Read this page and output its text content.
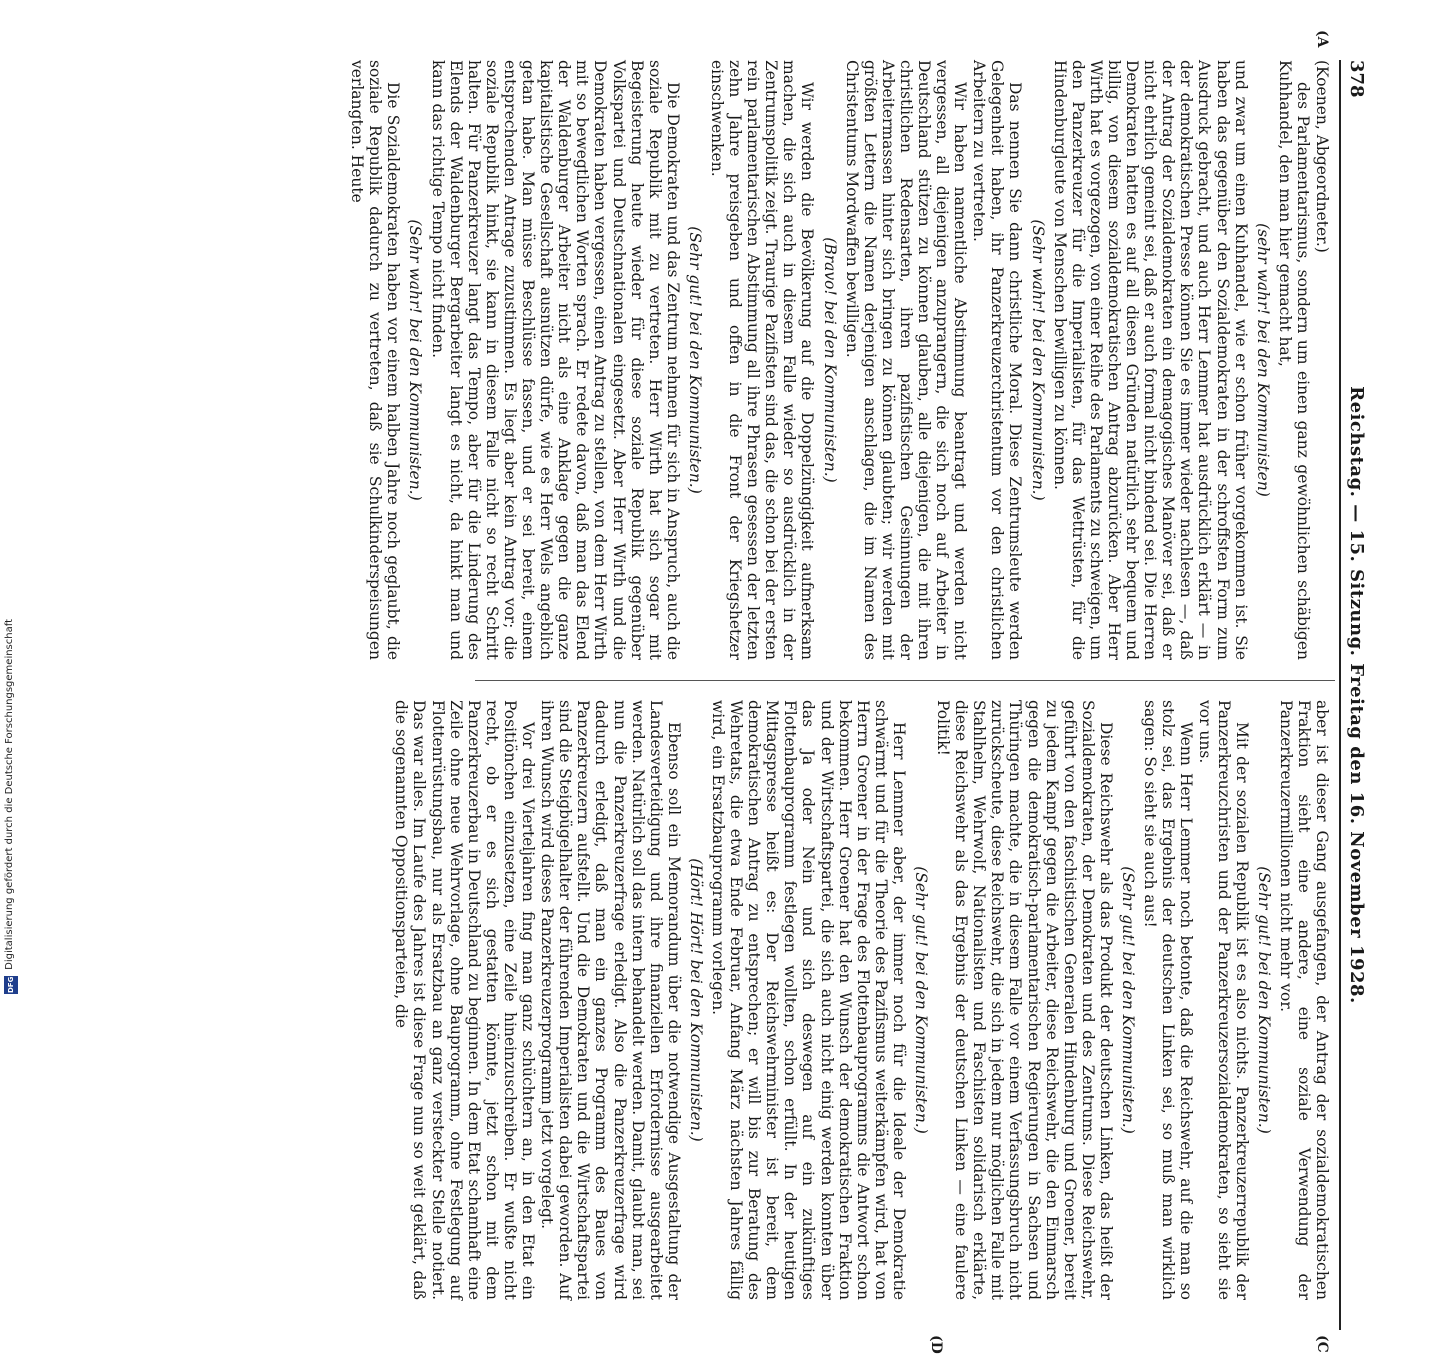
Digitalisierung gefördert durch die Deutsche Forschungsgemeinschaft
DFG
378
Reichstag. — 15. Sitzung. Freitag den 16. November 1928.
(A
(C
(D
(Koenen, Abgeordneter.)
des Parlamentarismus, sondern um einen ganz gewöhnlichen schäbigen Kuhhandel, den man hier gemacht hat,
(sehr wahr! bei den Kommunisten)
und zwar um einen Kuhhandel, wie er schon früher vorgekommen ist. Sie haben das gegenüber den Sozialdemokraten in der schroffsten Form zum Ausdruck gebracht, und auch Herr Lemmer hat ausdrücklich erklärt — in der demokratischen Presse können Sie es immer wieder nachlesen —, daß der Antrag der Sozialdemokraten ein demagogisches Manöver sei, daß er nicht ehrlich gemeint sei, daß er auch formal nicht bindend sei. Die Herren Demokraten hatten es auf all diesen Gründen natürlich sehr bequem und billig, von diesem sozialdemokratischen Antrag abzurücken. Aber Herr Wirth hat es vorgezogen, von einer Reihe des Parlaments zu schweigen, um den Panzerkreuzer für die Imperialisten, für das Wettrüsten, für die Hindenburgleute von Menschen bewilligen zu können.
(Sehr wahr! bei den Kommunisten.)
Das nennen Sie dann christliche Moral. Diese Zentrumsleute werden Gelegenheit haben, ihr Panzerkreuzerchristentum vor den christlichen Arbeitern zu vertreten.
Wir haben namentliche Abstimmung beantragt und werden nicht vergessen, all diejenigen anzuprangern, die sich noch auf Arbeiter in Deutschland stützen zu können glauben, alle diejenigen, die mit ihren christlichen Redensarten, ihren pazifistischen Gesinnungen der Arbeitermassen hinter sich bringen zu können glaubten; wir werden mit größten Lettern die Namen derjenigen anschlagen, die im Namen des Christentums Mordwaffen bewilligen.
(Bravo! bei den Kommunisten.)
Wir werden die Bevölkerung auf die Doppelzüngigkeit aufmerksam machen, die sich auch in diesem Falle wieder so ausdrücklich in der Zentrumspolitik zeigt. Traurige Pazifisten sind das, die schon bei der ersten rein parlamentarischen Abstimmung all ihre Phrasen gesessen der letzten zehn Jahre preisgeben und offen in die Front der Kriegshetzer einschwenken.
(Sehr gut! bei den Kommunisten.)
Die Demokraten und das Zentrum nehmen für sich in Anspruch, auch die soziale Republik mit zu vertreten. Herr Wirth hat sich sogar mit Begeisterung heute wieder für diese soziale Republik gegenüber Volkspartei und Deutschnationalen eingesetzt. Aber Herr Wirth und die Demokraten haben vergessen, einen Antrag zu stellen, von dem Herr Wirth mit so bewegtlichen Worten sprach. Er redete davon, daß man das Elend der Waldenburger Arbeiter nicht als eine Anklage gegen die ganze kapitalistische Gesellschaft ausnützen dürfe, wie es Herr Wels angeblich getan habe. Man müsse Beschlüsse fassen, und er sei bereit, einem entsprechenden Antrage zuzustimmen. Es liegt aber kein Antrag vor; die soziale Republik hinkt, sie kann in diesem Falle nicht so recht Schritt halten. Für Panzerkreuzer langt das Tempo, aber für die Linderung des Elends der Waldenburger Bergarbeiter langt es nicht, da hinkt man und kann das richtige Tempo nicht finden.
(Sehr wahr! bei den Kommunisten.)
Die Sozialdemokraten haben vor einem halben Jahre noch geglaubt, die soziale Republik dadurch zu vertreten, daß sie Schulkinderspeisungen verlangten. Heute
aber ist dieser Gang ausgefangen, der Antrag der sozialdemokratischen Fraktion sieht eine andere, eine soziale Verwendung der Panzerkreuzermillionen nicht mehr vor.
(Sehr gut! bei den Kommunisten.)
Mit der sozialen Republik ist es also nichts. Panzerkreuzerrepublik der Panzerkreuzchristen und der Panzerkreuzersozialdemokraten, so sieht sie vor uns.
Wenn Herr Lemmer noch betonte, daß die Reichswehr, auf die man so stolz sei, das Ergebnis der deutschen Linken sei, so muß man wirklich sagen: So sieht sie auch aus!
(Sehr gut! bei den Kommunisten.)
Diese Reichswehr als das Produkt der deutschen Linken, das heißt der Sozialdemokraten, der Demokraten und des Zentrums. Diese Reichswehr, geführt von den faschistischen Generalen Hindenburg und Groener, bereit zu jedem Kampf gegen die Arbeiter, diese Reichswehr, die den Einmarsch gegen die demokratisch-parlamentarischen Regierungen in Sachsen und Thüringen machte, die in diesem Falle vor einem Verfassungsbruch nicht zurückscheute, diese Reichswehr, die sich in jedem nur möglichen Falle mit Stahlhelm, Wehrwolf, Nationalisten und Faschisten solidarisch erklärte, diese Reichswehr als das Ergebnis der deutschen Linken — eine faulere Politik!
(Sehr gut! bei den Kommunisten.)
Herr Lemmer aber, der immer noch für die Ideale der Demokratie schwärmt und für die Theorie des Pazifismus weiterkämpfen wird, hat von Herrn Groener in der Frage des Flottenbauprogramms die Antwort schon bekommen. Herr Groener hat den Wunsch der demokratischen Fraktion und der Wirtschaftspartei, die sich auch nicht einig werden konnten über das Ja oder Nein und sich deswegen auf ein zukünftiges Flottenbauprogramm festlegen wollten, schon erfüllt. In der heutigen Mittagspresse heißt es: Der Reichswehrminister ist bereit, dem demokratischen Antrag zu entsprechen; er will bis zur Beratung des Wehretats, die etwa Ende Februar, Anfang März nächsten Jahres fällig wird, ein Ersatzbauprogramm vorlegen.
(Hört! Hört! bei den Kommunisten.)
Ebenso soll ein Memorandum über die notwendige Ausgestaltung der Landesverteidigung und ihre finanziellen Erfordernisse ausgearbeitet werden. Natürlich soll das intern behandelt werden. Damit, glaubt man, sei nun die Panzerkreuzerfrage erledigt. Also die Panzerkreuzerfrage wird dadurch erledigt, daß man ein ganzes Programm des Baues von Panzerkreuzern aufstellt. Und die Demokraten und die Wirtschaftspartei sind die Steigbügelhalter der führenden Imperialisten dabei geworden. Auf ihren Wunsch wird dieses Panzerkreuzerprogramm jetzt vorgelegt.
Vor drei Vierteljahren fing man ganz schüchtern an, in den Etat ein Positiönchen einzusetzen, eine Zeile hineinzuschreiben. Er wußte nicht recht, ob er es sich gestatten könnte, jetzt schon mit dem Panzerkreuzerbau in Deutschland zu beginnen. In dem Etat schamhaft eine Zeile ohne neue Wehrvorlage, ohne Bauprogramm, ohne Festlegung auf Flottenrüstungsbau, nur als Ersatzbau an ganz versteckter Stelle notiert. Das war alles. Im Laufe des Jahres ist diese Frage nun so weit geklärt, daß die sogenannten Oppositionsparteien, die
